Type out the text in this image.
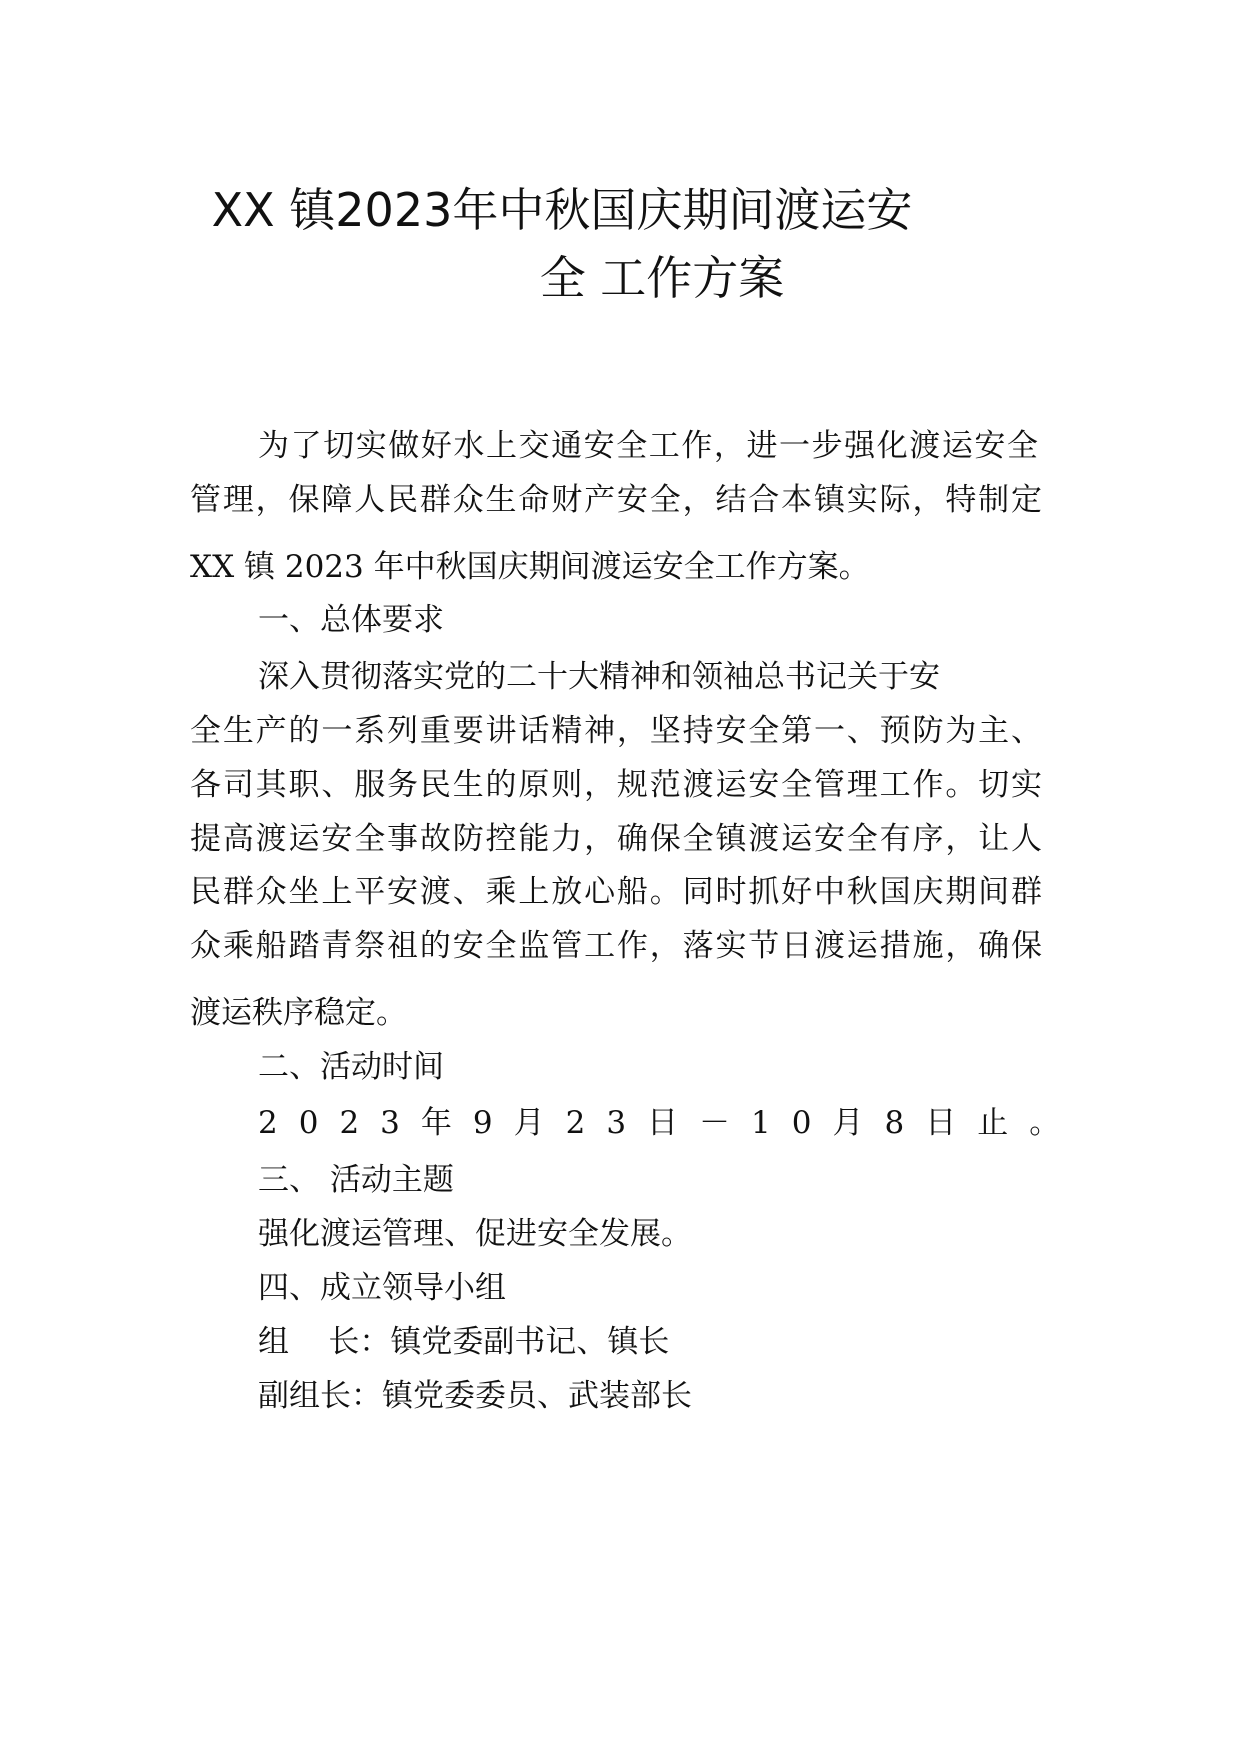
XX 镇2023年中秋国庆期间渡运安
全 工作方案

为了切实做好水上交通安全工作，进一步强化渡运安全

管理，保障人民群众生命财产安全，结合本镇实际，特制定

XX 镇 2023 年中秋国庆期间渡运安全工作方案。

一、总体要求

深入贯彻落实党的二十大精神和领袖总书记关于安

全生产的一系列重要讲话精神，坚持安全第一、预防为主、

各司其职、服务民生的原则，规范渡运安全管理工作。切实

提高渡运安全事故防控能力，确保全镇渡运安全有序，让人

民群众坐上平安渡、乘上放心船。同时抓好中秋国庆期间群

众乘船踏青祭祖的安全监管工作，落实节日渡运措施，确保

渡运秩序稳定。

二、活动时间

2023年9月23日－10月8日止。

三、 活动主题

强化渡运管理、促进安全发展。

四、成立领导小组

组    长：镇党委副书记、镇长

副组长：镇党委委员、武装部长
